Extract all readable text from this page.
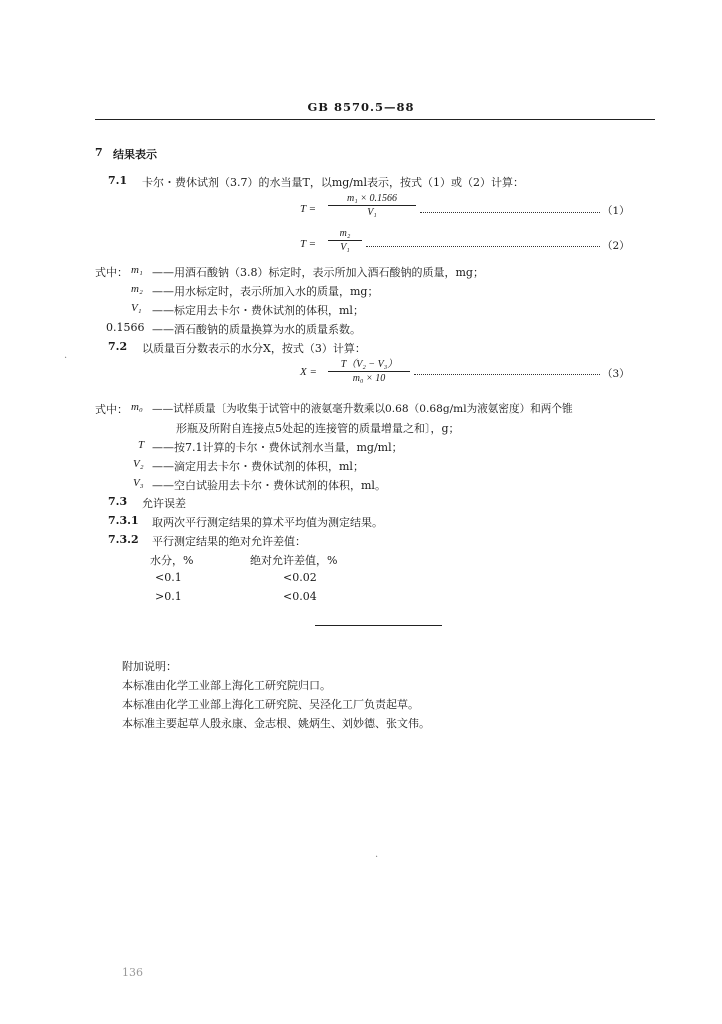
GB 8570.5—88
7 结果表示
7.1 卡尔・费休试剂（3.7）的水当量T，以mg/ml表示，按式（1）或（2）计算：
T =
m₁ × 0.1566
V₁	（1）
T =
m₂
V₁	（2）
式中： m₁ ——用酒石酸钠（3.8）标定时，表示所加入酒石酸钠的质量，mg；
m₂ ——用水标定时，表示所加入水的质量，mg；
V₁ ——标定用去卡尔・费休试剂的体积，ml；
0.1566 ——酒石酸钠的质量换算为水的质量系数。
·
7.2 以质量百分数表示的水分X，按式（3）计算：
X =
T（V₂ − V₃）
m₀ × 10	（3）
式中： m₀ ——试样质量〔为收集于试管中的液氨毫升数乘以0.68（0.68g/ml为液氨密度）和两个锥
形瓶及所附自连接点5处起的连接管的质量增量之和〕，g；
T ——按7.1计算的卡尔・费休试剂水当量，mg/ml；
V₂ ——滴定用去卡尔・费休试剂的体积，ml；
V₃ ——空白试验用去卡尔・费休试剂的体积，ml。
7.3 允许误差
7.3.1 取两次平行测定结果的算术平均值为测定结果。
7.3.2 平行测定结果的绝对允许差值：
水分，%	绝对允许差值，%
<0.1	<0.02
>0.1	<0.04
附加说明：
本标准由化学工业部上海化工研究院归口。
本标准由化学工业部上海化工研究院、吴泾化工厂负责起草。
本标准主要起草人殷永康、金志根、姚炳生、刘妙德、张文伟。
·
136
